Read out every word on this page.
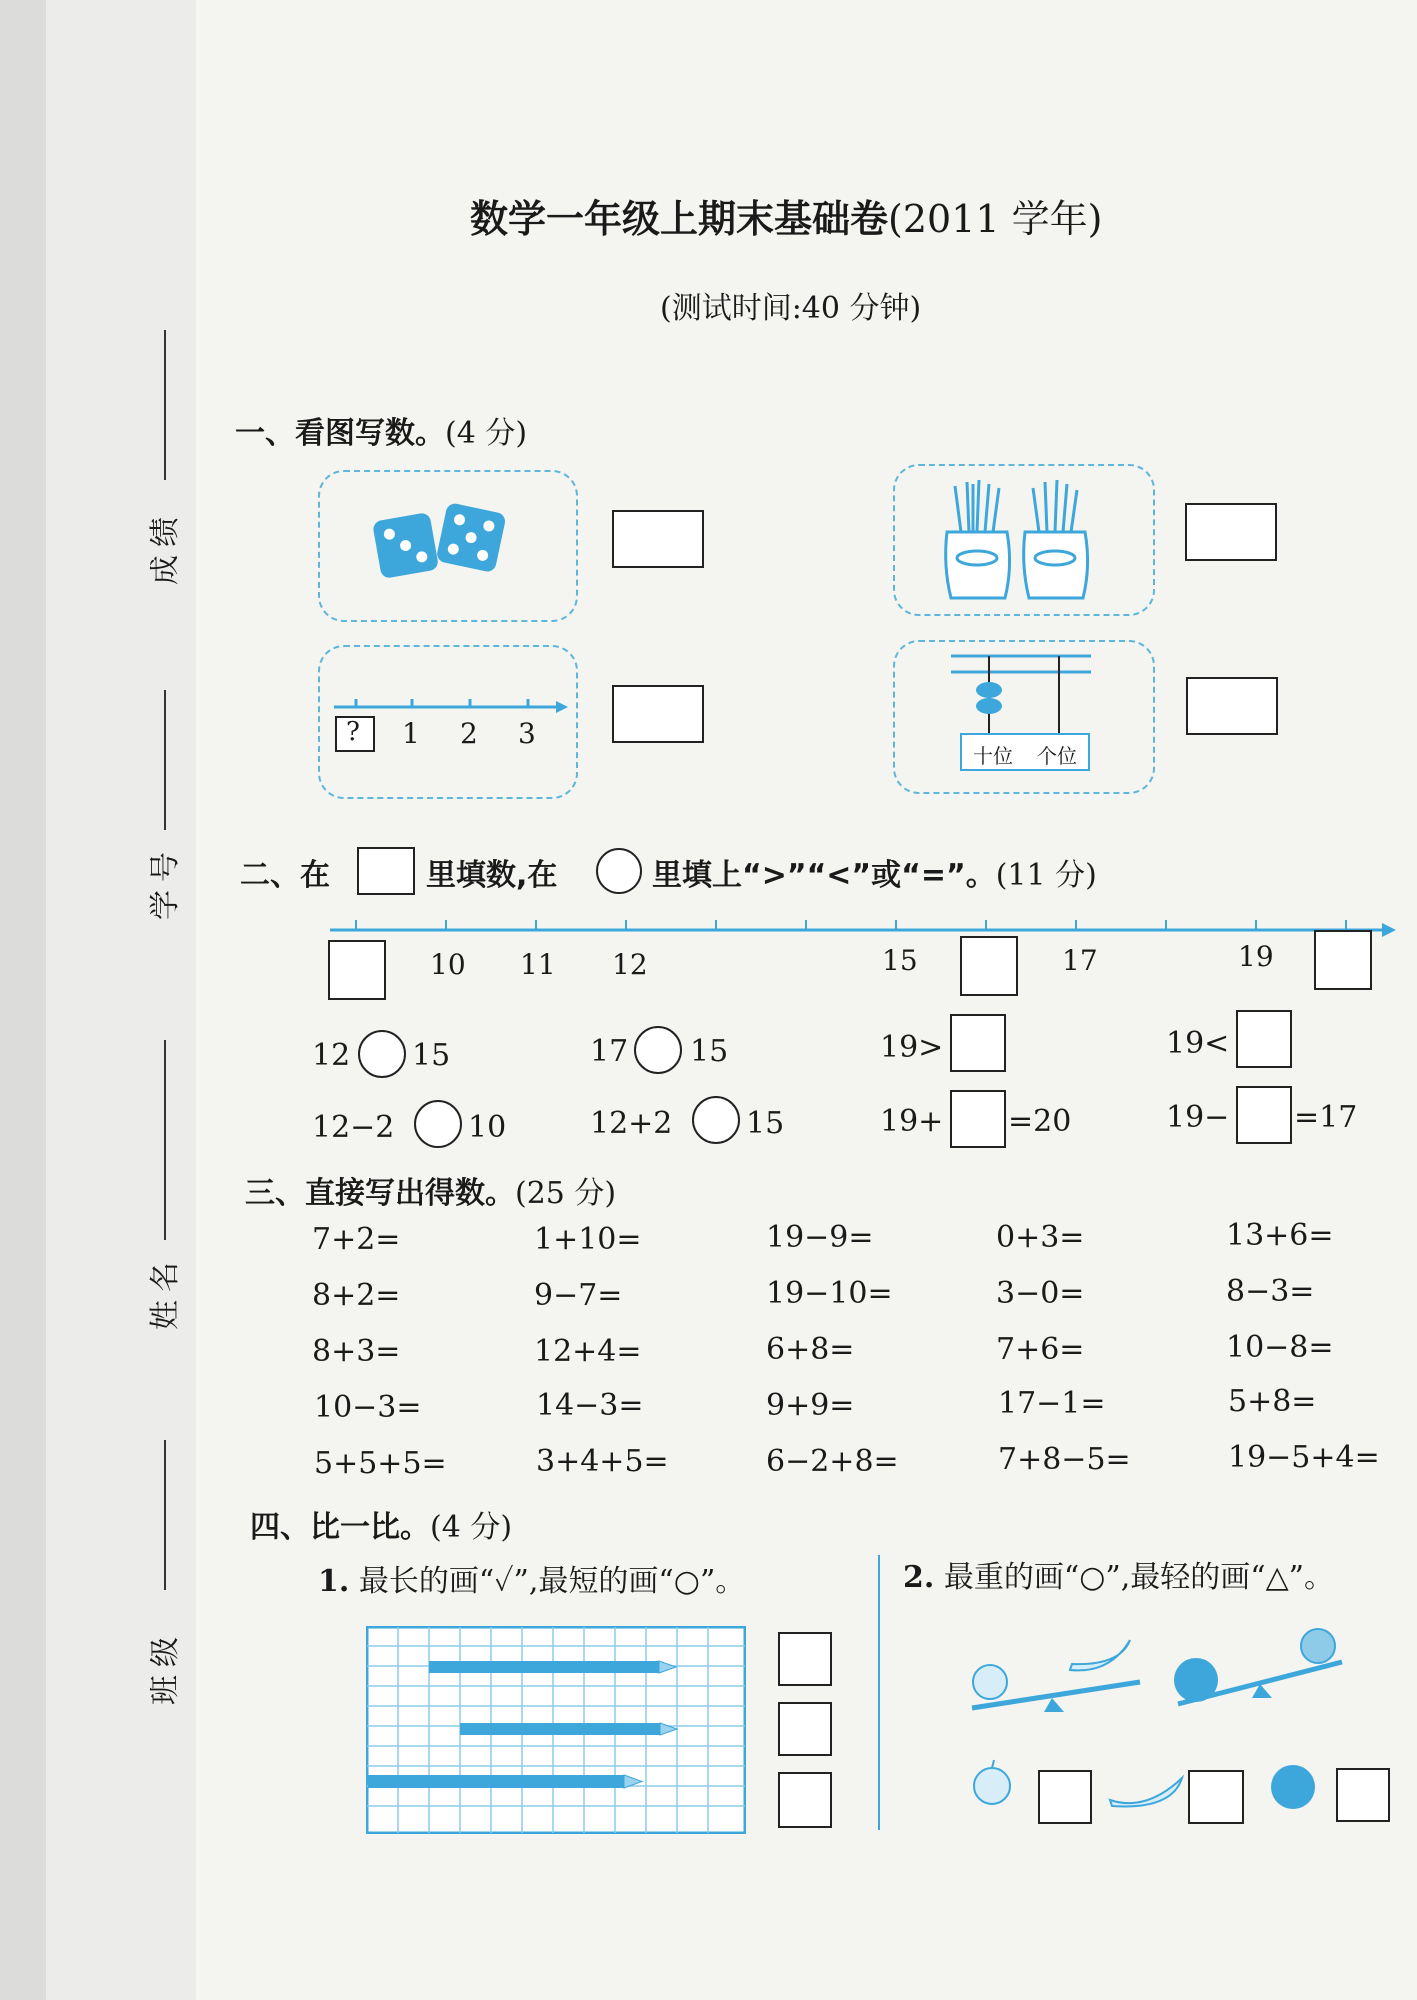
成绩
学号
姓名
班级
数学一年级上期末基础卷(2011 学年)
(测试时间:40 分钟)
一、看图写数。(4 分)
? 1 2 3
十位 个位
二、在	里填数,在	里填上“>”“<”或“=”。(11 分)
10 11 12	15	17	19
12 15	17 15	19>	19<
12−2 10	12+2 15	19+ =20	19− =17
三、直接写出得数。(25 分)
7+2=	1+10=	19−9=	0+3=	13+6=
8+2=	9−7=	19−10=	3−0=	8−3=
8+3=	12+4=	6+8=	7+6=	10−8=
10−3=	14−3=	9+9=	17−1=	5+8=
5+5+5=	3+4+5=	6−2+8=	7+8−5=	19−5+4=
四、比一比。(4 分)
1. 最长的画“✓”,最短的画“○”。	2. 最重的画“○”,最轻的画“△”。
